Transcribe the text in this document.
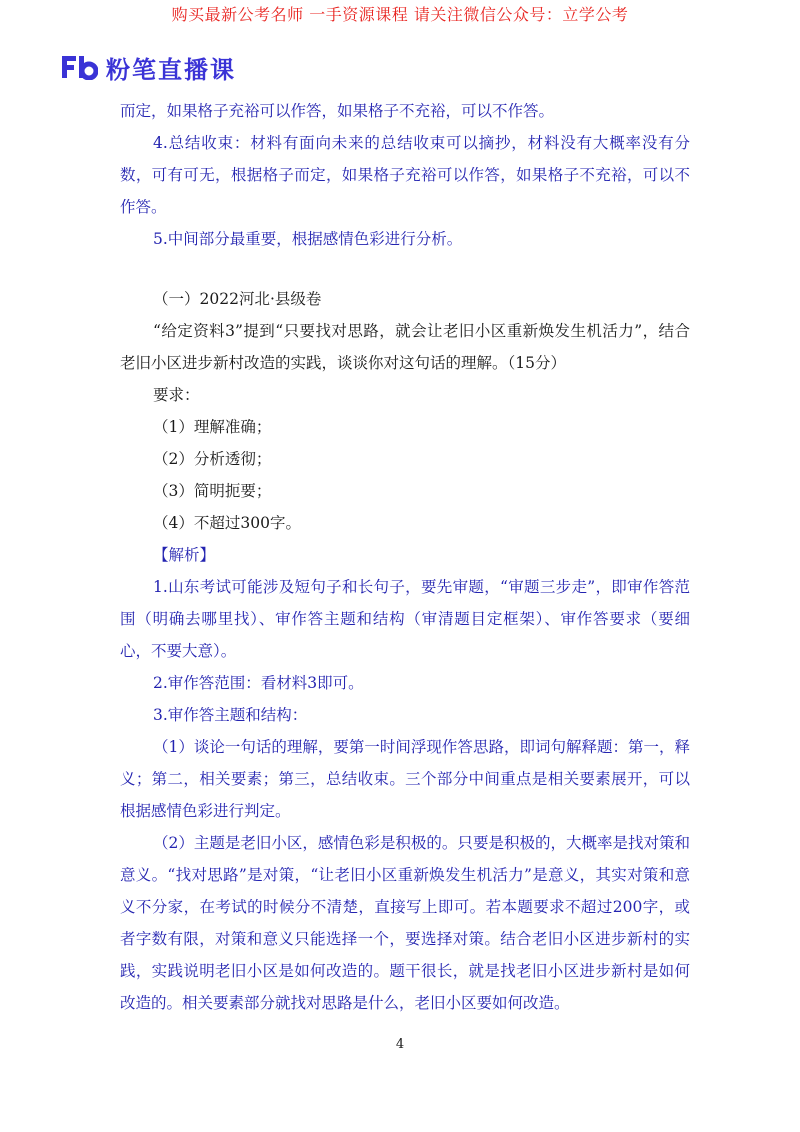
购买最新公考名师 一手资源课程 请关注微信公众号：立学公考
粉笔直播课

而定，如果格子充裕可以作答，如果格子不充裕，可以不作答。

4.总结收束：材料有面向未来的总结收束可以摘抄，材料没有大概率没有分数，可有可无，根据格子而定，如果格子充裕可以作答，如果格子不充裕，可以不作答。

5.中间部分最重要，根据感情色彩进行分析。

（一）2022河北·县级卷

“给定资料3”提到“只要找对思路，就会让老旧小区重新焕发生机活力”，结合老旧小区进步新村改造的实践，谈谈你对这句话的理解。（15分）

要求：

（1）理解准确；

（2）分析透彻；

（3）简明扼要；

（4）不超过300字。

【解析】

1.山东考试可能涉及短句子和长句子，要先审题，“审题三步走”，即审作答范围（明确去哪里找）、审作答主题和结构（审清题目定框架）、审作答要求（要细心，不要大意）。

2.审作答范围：看材料3即可。

3.审作答主题和结构：

（1）谈论一句话的理解，要第一时间浮现作答思路，即词句解释题：第一，释义；第二，相关要素；第三，总结收束。三个部分中间重点是相关要素展开，可以根据感情色彩进行判定。

（2）主题是老旧小区，感情色彩是积极的。只要是积极的，大概率是找对策和意义。“找对思路”是对策，“让老旧小区重新焕发生机活力”是意义，其实对策和意义不分家，在考试的时候分不清楚，直接写上即可。若本题要求不超过200字，或者字数有限，对策和意义只能选择一个，要选择对策。结合老旧小区进步新村的实践，实践说明老旧小区是如何改造的。题干很长，就是找老旧小区进步新村是如何改造的。相关要素部分就找对思路是什么，老旧小区要如何改造。

4
